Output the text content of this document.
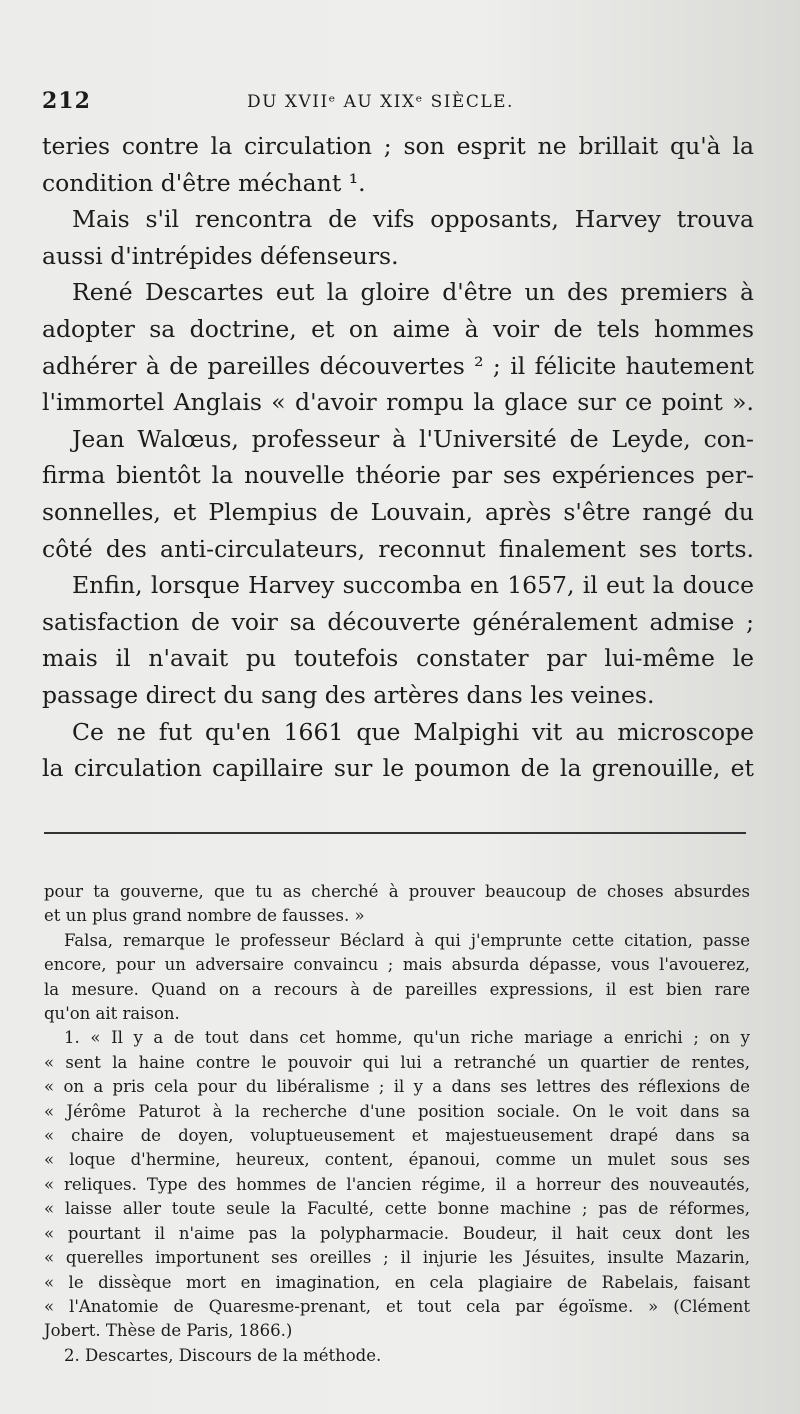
212	DU XVIIᵉ AU XIXᵉ SIÈCLE.
teries contre la circulation ; son esprit ne brillait qu'à la
condition d'être méchant ¹.
Mais s'il rencontra de vifs opposants, Harvey trouva
aussi d'intrépides défenseurs.
René Descartes eut la gloire d'être un des premiers à
adopter sa doctrine, et on aime à voir de tels hommes
adhérer à de pareilles découvertes ² ; il félicite hautement
l'immortel Anglais « d'avoir rompu la glace sur ce point ».
Jean Walœus, professeur à l'Université de Leyde, con-
firma bientôt la nouvelle théorie par ses expériences per-
sonnelles, et Plempius de Louvain, après s'être rangé du
côté des anti-circulateurs, reconnut finalement ses torts.
Enfin, lorsque Harvey succomba en 1657, il eut la douce
satisfaction de voir sa découverte généralement admise ;
mais il n'avait pu toutefois constater par lui-même le
passage direct du sang des artères dans les veines.
Ce ne fut qu'en 1661 que Malpighi vit au microscope
la circulation capillaire sur le poumon de la grenouille, et
pour ta gouverne, que tu as cherché à prouver beaucoup de choses absurdes
et un plus grand nombre de fausses. »
Falsa, remarque le professeur Béclard à qui j'emprunte cette citation, passe
encore, pour un adversaire convaincu ; mais absurda dépasse, vous l'avouerez,
la mesure. Quand on a recours à de pareilles expressions, il est bien rare
qu'on ait raison.
1. « Il y a de tout dans cet homme, qu'un riche mariage a enrichi ; on y
« sent la haine contre le pouvoir qui lui a retranché un quartier de rentes,
« on a pris cela pour du libéralisme ; il y a dans ses lettres des réflexions de
« Jérôme Paturot à la recherche d'une position sociale. On le voit dans sa
« chaire de doyen, voluptueusement et majestueusement drapé dans sa
« loque d'hermine, heureux, content, épanoui, comme un mulet sous ses
« reliques. Type des hommes de l'ancien régime, il a horreur des nouveautés,
« laisse aller toute seule la Faculté, cette bonne machine ; pas de réformes,
« pourtant il n'aime pas la polypharmacie. Boudeur, il hait ceux dont les
« querelles importunent ses oreilles ; il injurie les Jésuites, insulte Mazarin,
« le dissèque mort en imagination, en cela plagiaire de Rabelais, faisant
« l'Anatomie de Quaresme-prenant, et tout cela par égoïsme. » (Clément
Jobert. Thèse de Paris, 1866.)
2. Descartes, Discours de la méthode.
